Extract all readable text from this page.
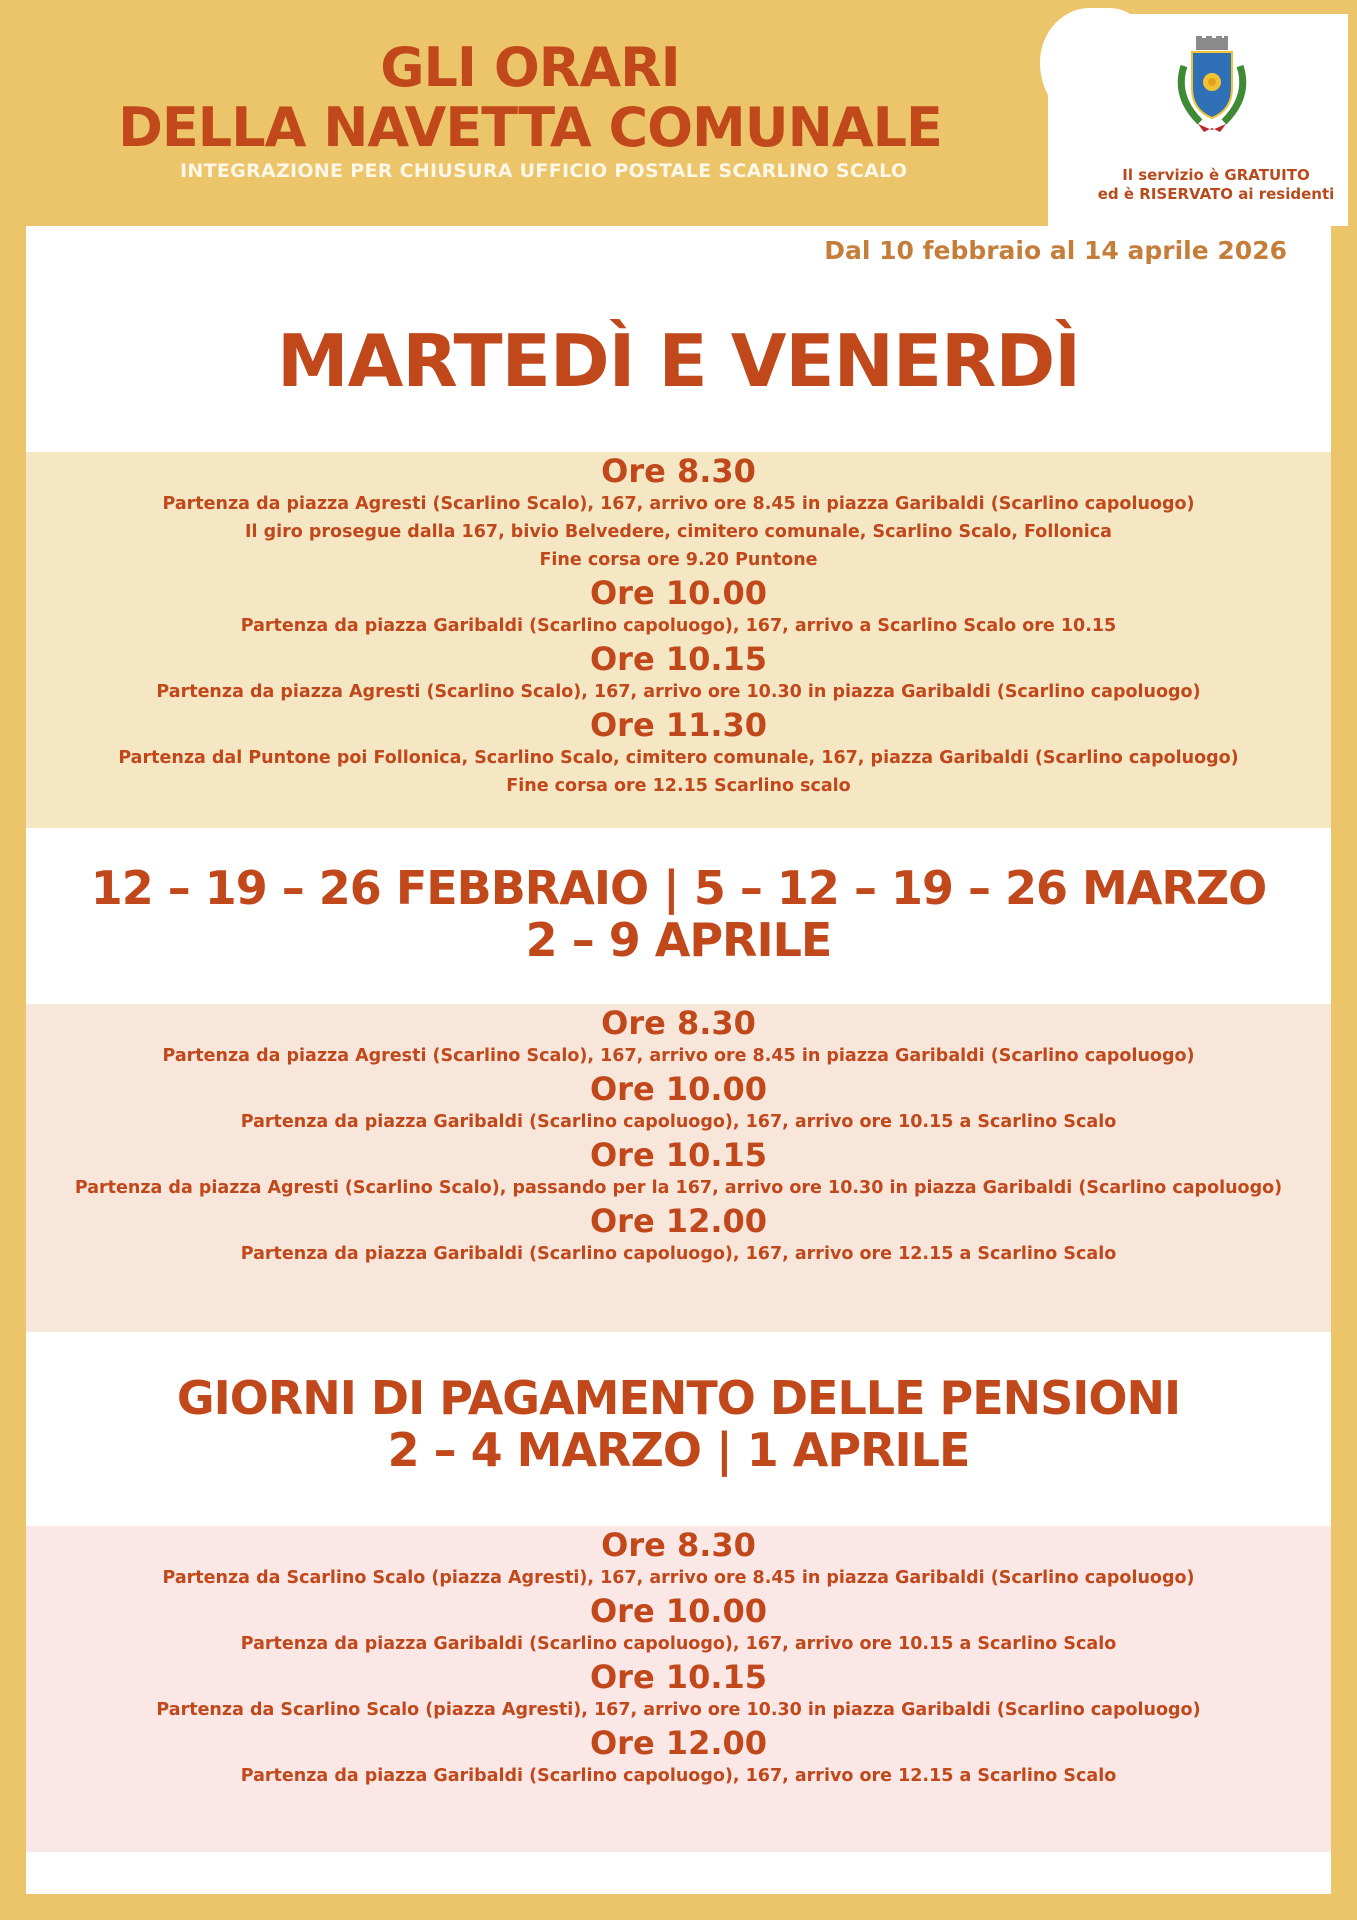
GLI ORARI
DELLA NAVETTA COMUNALE
INTEGRAZIONE PER CHIUSURA UFFICIO POSTALE SCARLINO SCALO	Il servizio è GRATUITO
ed è RISERVATO ai residenti
Dal 10 febbraio al 14 aprile 2026
MARTEDÌ E VENERDÌ
Ore 8.30
Partenza da piazza Agresti (Scarlino Scalo), 167, arrivo ore 8.45 in piazza Garibaldi (Scarlino capoluogo)
Il giro prosegue dalla 167, bivio Belvedere, cimitero comunale, Scarlino Scalo, Follonica
Fine corsa ore 9.20 Puntone
Ore 10.00
Partenza da piazza Garibaldi (Scarlino capoluogo), 167, arrivo a Scarlino Scalo ore 10.15
Ore 10.15
Partenza da piazza Agresti (Scarlino Scalo), 167, arrivo ore 10.30 in piazza Garibaldi (Scarlino capoluogo)
Ore 11.30
Partenza dal Puntone poi Follonica, Scarlino Scalo, cimitero comunale, 167, piazza Garibaldi (Scarlino capoluogo)
Fine corsa ore 12.15 Scarlino scalo
12 – 19 – 26 FEBBRAIO | 5 – 12 – 19 – 26 MARZO
2 – 9 APRILE
Ore 8.30
Partenza da piazza Agresti (Scarlino Scalo), 167, arrivo ore 8.45 in piazza Garibaldi (Scarlino capoluogo)
Ore 10.00
Partenza da piazza Garibaldi (Scarlino capoluogo), 167, arrivo ore 10.15 a Scarlino Scalo
Ore 10.15
Partenza da piazza Agresti (Scarlino Scalo), passando per la 167, arrivo ore 10.30 in piazza Garibaldi (Scarlino capoluogo)
Ore 12.00
Partenza da piazza Garibaldi (Scarlino capoluogo), 167, arrivo ore 12.15 a Scarlino Scalo
GIORNI DI PAGAMENTO DELLE PENSIONI
2 – 4 MARZO | 1 APRILE
Ore 8.30
Partenza da Scarlino Scalo (piazza Agresti), 167, arrivo ore 8.45 in piazza Garibaldi (Scarlino capoluogo)
Ore 10.00
Partenza da piazza Garibaldi (Scarlino capoluogo), 167, arrivo ore 10.15 a Scarlino Scalo
Ore 10.15
Partenza da Scarlino Scalo (piazza Agresti), 167, arrivo ore 10.30 in piazza Garibaldi (Scarlino capoluogo)
Ore 12.00
Partenza da piazza Garibaldi (Scarlino capoluogo), 167, arrivo ore 12.15 a Scarlino Scalo
